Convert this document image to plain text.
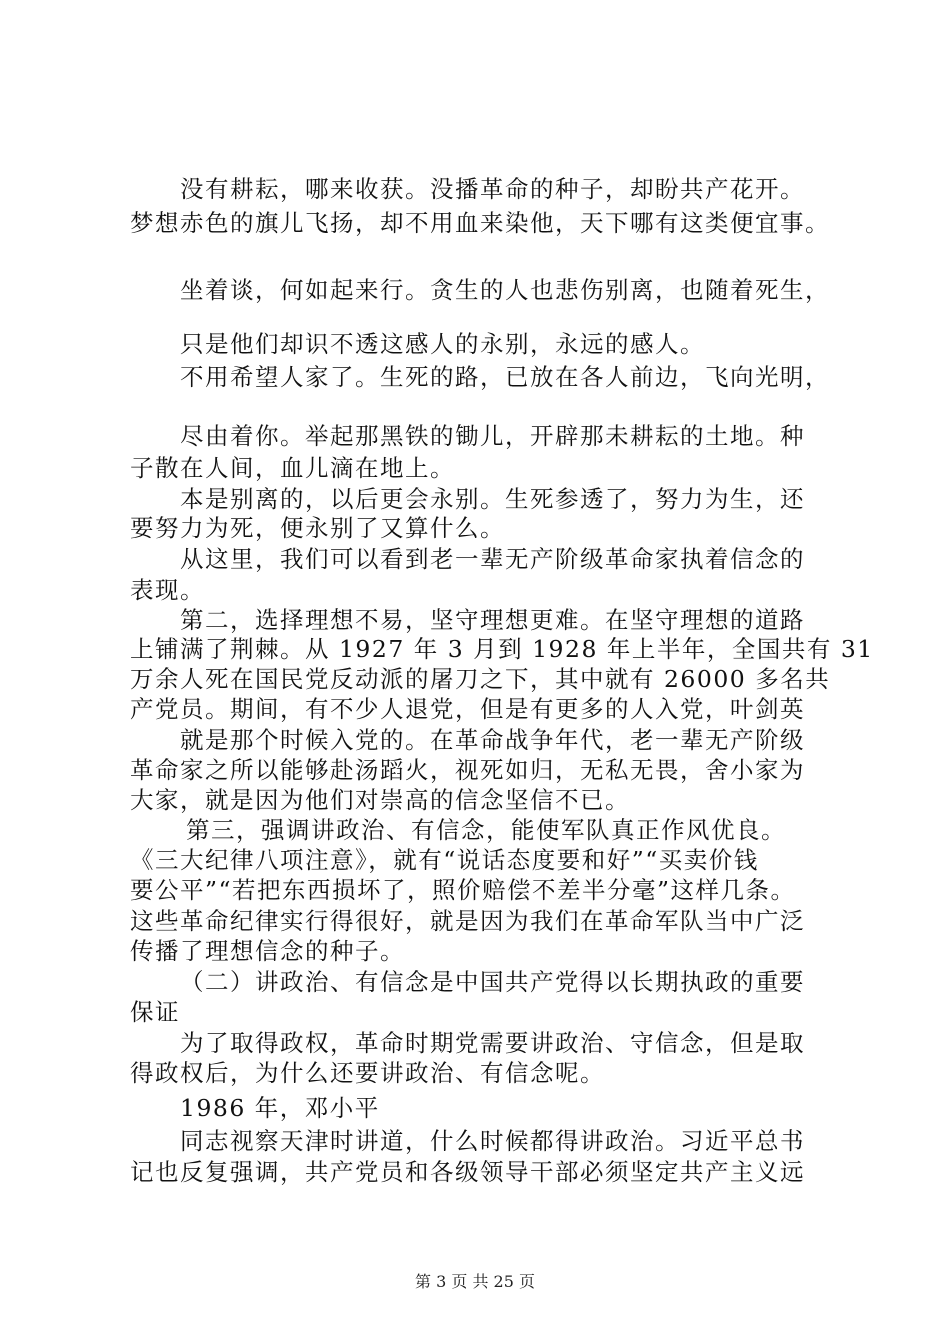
没有耕耘，哪来收获。没播革命的种子，却盼共产花开。
梦想赤色的旗儿飞扬，却不用血来染他，天下哪有这类便宜事。
坐着谈，何如起来行。贪生的人也悲伤别离，也随着死生，
只是他们却识不透这感人的永别，永远的感人。
不用希望人家了。生死的路，已放在各人前边，飞向光明，
尽由着你。举起那黑铁的锄儿，开辟那未耕耘的土地。种
子散在人间，血儿滴在地上。
本是别离的，以后更会永别。生死参透了，努力为生，还
要努力为死，便永别了又算什么。
从这里，我们可以看到老一辈无产阶级革命家执着信念的
表现。
第二，选择理想不易，坚守理想更难。在坚守理想的道路
上铺满了荆棘。从 1927 年 3 月到 1928 年上半年，全国共有 31
万余人死在国民党反动派的屠刀之下，其中就有 26000 多名共
产党员。期间，有不少人退党，但是有更多的人入党，叶剑英
就是那个时候入党的。在革命战争年代，老一辈无产阶级
革命家之所以能够赴汤蹈火，视死如归，无私无畏，舍小家为
大家，就是因为他们对崇高的信念坚信不已。
第三，强调讲政治、有信念，能使军队真正作风优良。
《三大纪律八项注意》，就有“说话态度要和好”“买卖价钱
要公平”“若把东西损坏了，照价赔偿不差半分毫”这样几条。
这些革命纪律实行得很好，就是因为我们在革命军队当中广泛
传播了理想信念的种子。
（二）讲政治、有信念是中国共产党得以长期执政的重要
保证
为了取得政权，革命时期党需要讲政治、守信念，但是取
得政权后，为什么还要讲政治、有信念呢。
1986 年，邓小平
同志视察天津时讲道，什么时候都得讲政治。习近平总书
记也反复强调，共产党员和各级领导干部必须坚定共产主义远
第 3 页 共 25 页
